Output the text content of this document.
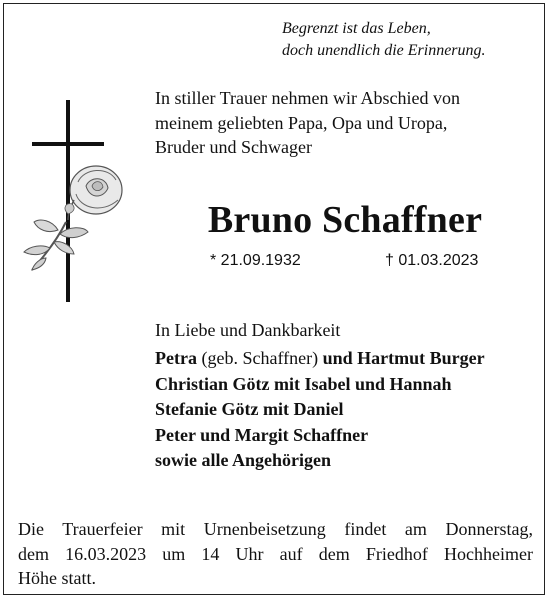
Begrenzt ist das Leben,
doch unendlich die Erinnerung.
In stiller Trauer nehmen wir Abschied von
meinem geliebten Papa, Opa und Uropa,
Bruder und Schwager
Bruno Schaffner
* 21.09.1932	† 01.03.2023
In Liebe und Dankbarkeit
Petra (geb. Schaffner) und Hartmut Burger
Christian Götz mit Isabel und Hannah
Stefanie Götz mit Daniel
Peter und Margit Schaffner
sowie alle Angehörigen
Die Trauerfeier mit Urnenbeisetzung findet am Donnerstag,
dem 16.03.2023 um 14 Uhr auf dem Friedhof Hochheimer
Höhe statt.
